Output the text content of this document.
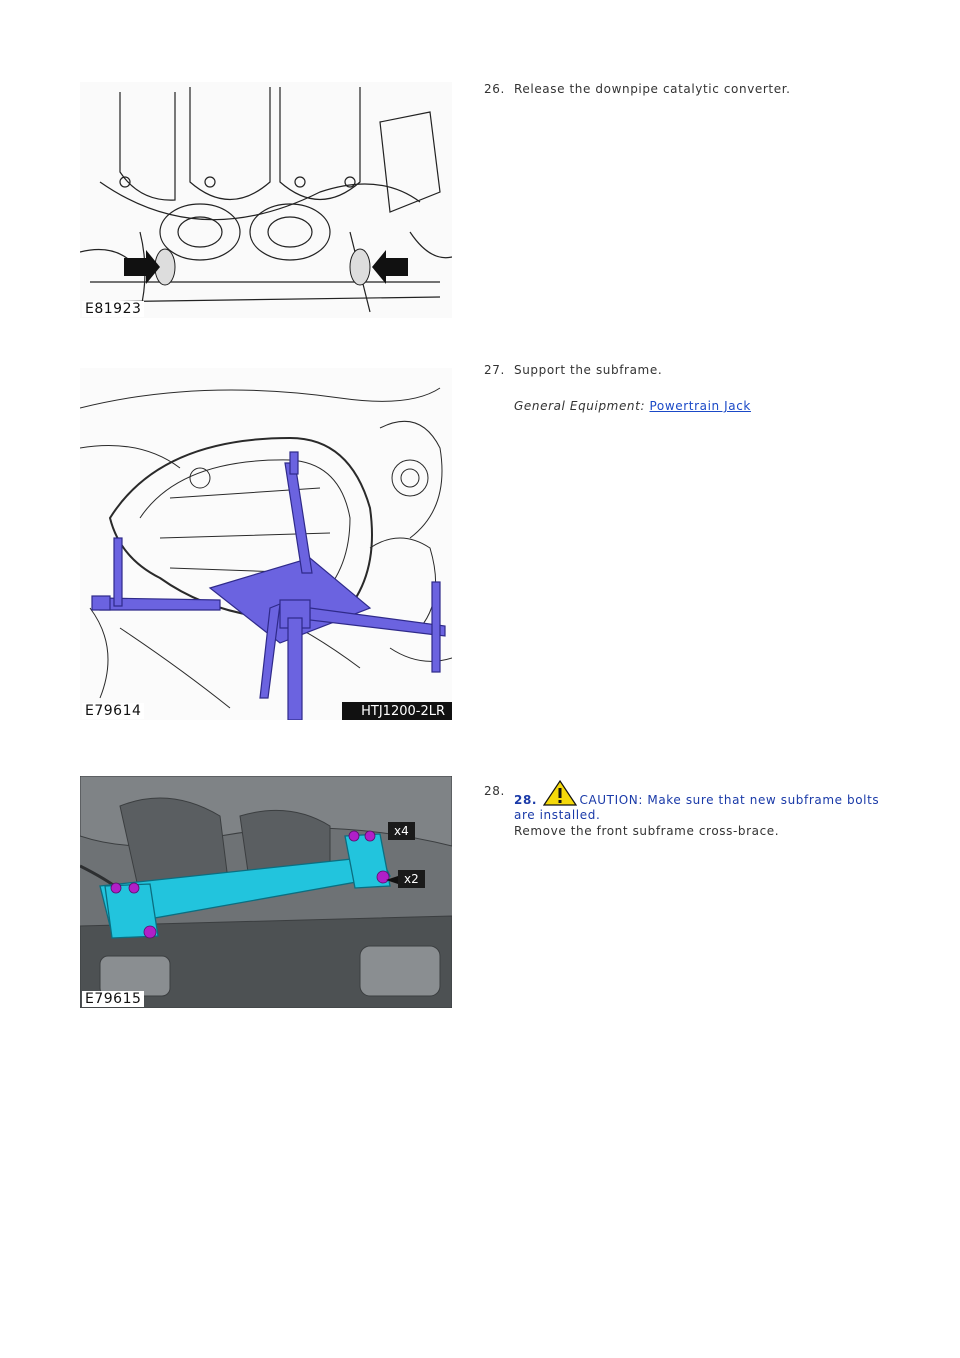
E81923
26. Release the downpipe catalytic converter.
E79614	HTJ1200-2LR
27. Support the subframe.
General Equipment: Powertrain Jack
E79615
x4
x2
28.
28.	CAUTION: Make sure that new subframe bolts are installed.
Remove the front subframe cross-brace.
